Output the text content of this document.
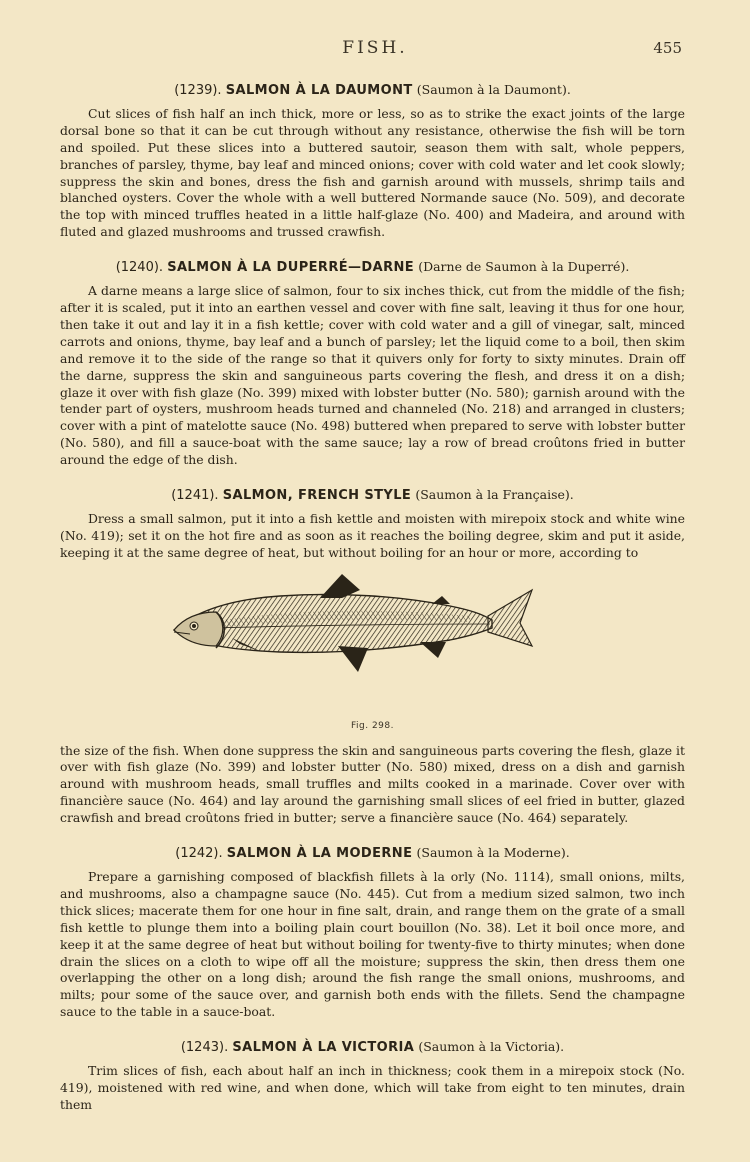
FISH.	455
(1239). SALMON À LA DAUMONT (Saumon à la Daumont).

Cut slices of fish half an inch thick, more or less, so as to strike the exact joints of the large dorsal bone so that it can be cut through without any resistance, otherwise the fish will be torn and spoiled. Put these slices into a buttered sautoir, season them with salt, whole peppers, branches of parsley, thyme, bay leaf and minced onions; cover with cold water and let cook slowly; suppress the skin and bones, dress the fish and garnish around with mussels, shrimp tails and blanched oysters. Cover the whole with a well buttered Normande sauce (No. 509), and decorate the top with minced truffles heated in a little half-glaze (No. 400) and Madeira, and around with fluted and glazed mushrooms and trussed crawfish.

(1240). SALMON À LA DUPERRÉ—DARNE (Darne de Saumon à la Duperré).

A darne means a large slice of salmon, four to six inches thick, cut from the middle of the fish; after it is scaled, put it into an earthen vessel and cover with fine salt, leaving it thus for one hour, then take it out and lay it in a fish kettle; cover with cold water and a gill of vinegar, salt, minced carrots and onions, thyme, bay leaf and a bunch of parsley; let the liquid come to a boil, then skim and remove it to the side of the range so that it quivers only for forty to sixty minutes. Drain off the darne, suppress the skin and sanguineous parts covering the flesh, and dress it on a dish; glaze it over with fish glaze (No. 399) mixed with lobster butter (No. 580); garnish around with the tender part of oysters, mushroom heads turned and channeled (No. 218) and arranged in clusters; cover with a pint of matelotte sauce (No. 498) buttered when prepared to serve with lobster butter (No. 580), and fill a sauce-boat with the same sauce; lay a row of bread croûtons fried in butter around the edge of the dish.

(1241). SALMON, FRENCH STYLE (Saumon à la Française).

Dress a small salmon, put it into a fish kettle and moisten with mirepoix stock and white wine (No. 419); set it on the hot fire and as soon as it reaches the boiling degree, skim and put it aside, keeping it at the same degree of heat, but without boiling for an hour or more, according to

Fig. 298.

the size of the fish. When done suppress the skin and sanguineous parts covering the flesh, glaze it over with fish glaze (No. 399) and lobster butter (No. 580) mixed, dress on a dish and garnish around with mushroom heads, small truffles and milts cooked in a marinade. Cover over with financière sauce (No. 464) and lay around the garnishing small slices of eel fried in butter, glazed crawfish and bread croûtons fried in butter; serve a financière sauce (No. 464) separately.

(1242). SALMON À LA MODERNE (Saumon à la Moderne).

Prepare a garnishing composed of blackfish fillets à la orly (No. 1114), small onions, milts, and mushrooms, also a champagne sauce (No. 445). Cut from a medium sized salmon, two inch thick slices; macerate them for one hour in fine salt, drain, and range them on the grate of a small fish kettle to plunge them into a boiling plain court bouillon (No. 38). Let it boil once more, and keep it at the same degree of heat but without boiling for twenty-five to thirty minutes; when done drain the slices on a cloth to wipe off all the moisture; suppress the skin, then dress them one overlapping the other on a long dish; around the fish range the small onions, mushrooms, and milts; pour some of the sauce over, and garnish both ends with the fillets. Send the champagne sauce to the table in a sauce-boat.

(1243). SALMON À LA VICTORIA (Saumon à la Victoria).

Trim slices of fish, each about half an inch in thickness; cook them in a mirepoix stock (No. 419), moistened with red wine, and when done, which will take from eight to ten minutes, drain them
